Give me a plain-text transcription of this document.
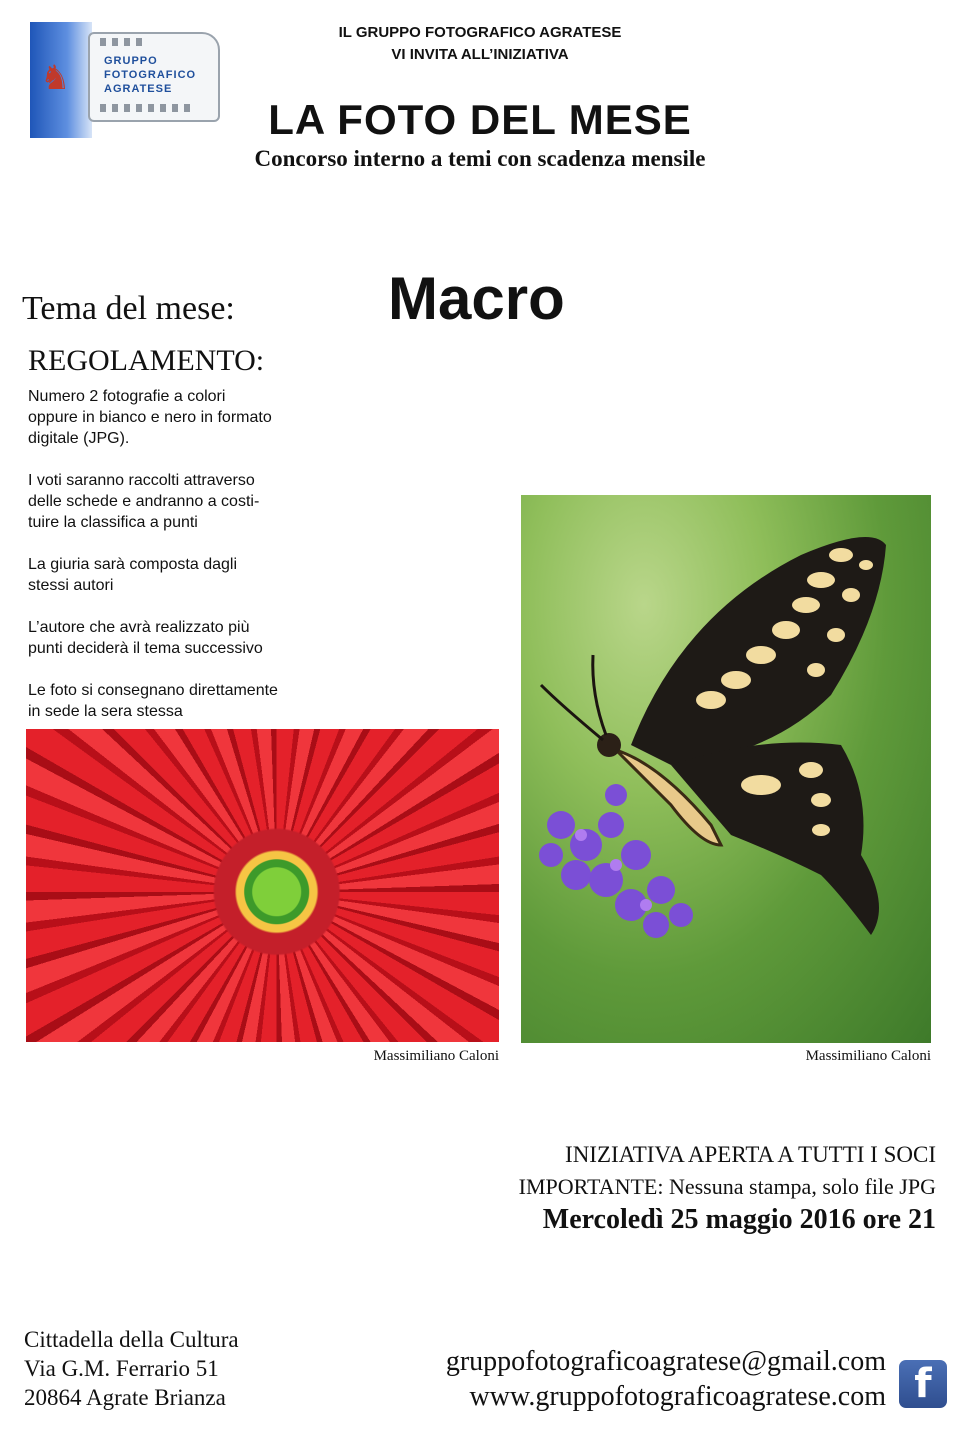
♞	GRUPPO
FOTOGRAFICO
AGRATESE
IL GRUPPO FOTOGRAFICO AGRATESE
VI INVITA ALL’INIZIATIVA
LA FOTO DEL MESE
Concorso interno a temi con scadenza mensile
Tema del mese:	Macro
REGOLAMENTO:
Numero 2 fotografie a colori
oppure in bianco e nero in formato
digitale (JPG).
I voti saranno raccolti attraverso
delle schede e andranno a costi-
tuire la classifica a punti
La giuria sarà composta dagli
stessi autori
L’autore che avrà realizzato più
punti deciderà il tema successivo
Le foto si consegnano direttamente
in sede la sera stessa
Massimiliano Caloni	Massimiliano Caloni
INIZIATIVA APERTA A TUTTI I SOCI
IMPORTANTE: Nessuna stampa, solo file JPG
Mercoledì 25 maggio 2016 ore 21
Cittadella della Cultura
Via G.M. Ferrario 51
20864 Agrate Brianza
gruppofotograficoagratese@gmail.com
www.gruppofotograficoagratese.com f
